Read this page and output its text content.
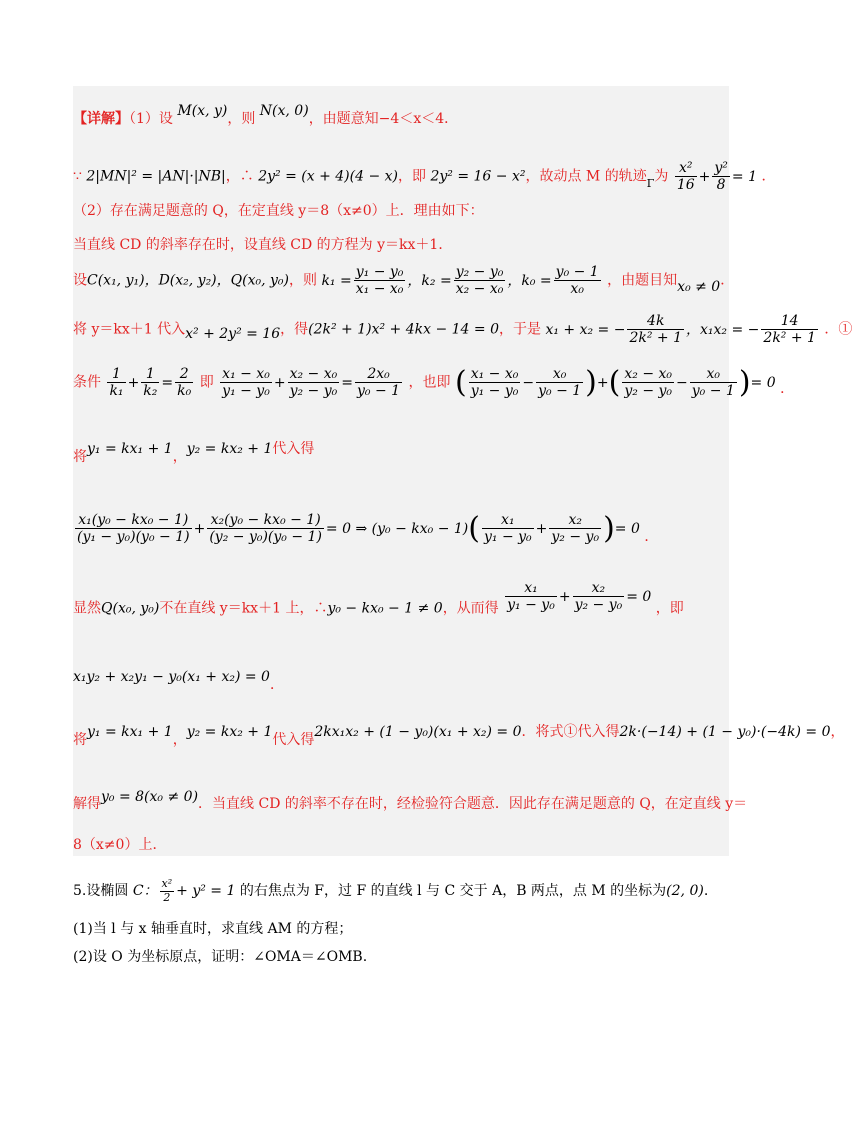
【详解】（1）设 M(x, y)，则 N(x, 0)，由题意知−4＜x＜4．
∵ 2|MN|² = |AN|·|NB|，∴ 2y² = (x + 4)(4 − x)，即 2y² = 16 − x²，故动点 M 的轨迹$_\Gamma$为 $\frac{\text{x²}}{16} + \frac{\text{y²}}{8} = 1$ ．
（2）存在满足题意的 Q，在定直线 y＝8（x≠0）上．理由如下：
当直线 CD 的斜率存在时，设直线 CD 的方程为 y＝kx＋1．
设C(x₁, y₁)，D(x₂, y₂)，Q(x₀, y₀)，则 $k_1 = \frac{\text{y₁ − y₀}}{\text{x₁ − x₀}}$ ，$k_2 = \frac{\text{y₂ − y₀}}{\text{x₂ − x₀}}$ ，$k_0 = \frac{\text{y₀ − 1}}{\text{x₀}}$ ，由题目知x₀ ≠ 0．
将 y＝kx＋1 代入x² + 2y² = 16，得(2k² + 1)x² + 4kx − 14 = 0，于是 x₁ + x₂ = − $\frac{4k}{\text{2k² + 1}}$ ，x₁x₂ = − $\frac{14}{\text{2k² + 1}}$ ．①
条件 $\frac{1}{\text{k₁}} + \frac{1}{\text{k₂}} = \frac{2}{\text{k₀}}$ 即 $\frac{\text{x₁ − x₀}}{\text{y₁ − y₀}} + \frac{\text{x₂ − x₀}}{\text{y₂ − y₀}} = \frac{\text{2x₀}}{\text{y₀ − 1}}$ ，也即 ( $\frac{\text{x₁ − x₀}}{\text{y₁ − y₀}} - \frac{\text{x₀}}{\text{y₀ − 1}}$ )+( $\frac{\text{x₂ − x₀}}{\text{y₂ − y₀}} - \frac{\text{x₀}}{\text{y₀ − 1}}$ )= 0 ．
将y₁ = kx₁ + 1，y₂ = kx₂ + 1代入得
$\frac{\text{x₁(y₀ − kx₀ − 1)}}{\text{(y₁ − y₀)(y₀ − 1)}} + \frac{\text{x₂(y₀ − kx₀ − 1)}}{\text{(y₂ − y₀)(y₀ − 1)}} = 0$ ⇒ $(y_0 - kx_0 - 1)( \frac{\text{x₁}}{\text{y₁ − y₀}} + \frac{\text{x₂}}{\text{y₂ − y₀}}$ )= 0 ．
显然Q(x₀, y₀)不在直线 y＝kx＋1 上，∴y₀ − kx₀ − 1 ≠ 0，从而得 $\frac{\text{x₁}}{\text{y₁ − y₀}} + \frac{\text{x₂}}{\text{y₂ − y₀}} = 0$ ，即
x₁y₂ + x₂y₁ − y₀(x₁ + x₂) = 0．
将y₁ = kx₁ + 1，y₂ = kx₂ + 1代入得2kx₁x₂ + (1 − y₀)(x₁ + x₂) = 0．将式①代入得2k·(−14) + (1 − y₀)·(−4k) = 0，
解得y₀ = 8(x₀ ≠ 0)．当直线 CD 的斜率不存在时，经检验符合题意．因此存在满足题意的 Q，在定直线 y＝
8（x≠0）上．
5.设椭圆 C： $\frac{\text{x²}}{2} + y^2 = 1$ 的右焦点为 F，过 F 的直线 l 与 C 交于 A，B 两点，点 M 的坐标为(2, 0).
(1)当 l 与 x 轴垂直时，求直线 AM 的方程；
(2)设 O 为坐标原点，证明：∠OMA＝∠OMB.
